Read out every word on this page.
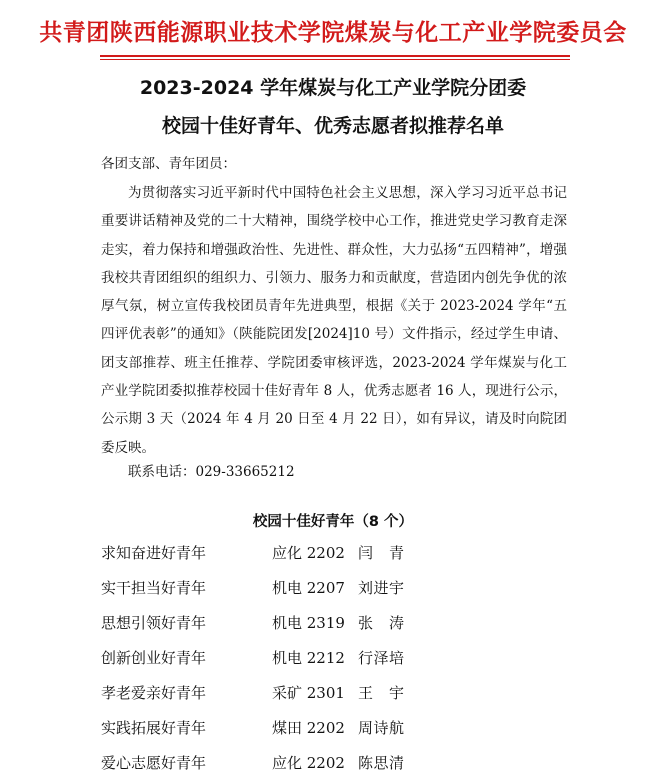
共青团陕西能源职业技术学院煤炭与化工产业学院委员会
2023-2024 学年煤炭与化工产业学院分团委
校园十佳好青年、优秀志愿者拟推荐名单
各团支部、青年团员：

为贯彻落实习近平新时代中国特色社会主义思想，深入学习习近平总书记重要讲话精神及党的二十大精神，围绕学校中心工作，推进党史学习教育走深走实，着力保持和增强政治性、先进性、群众性，大力弘扬“五四精神”，增强我校共青团组织的组织力、引领力、服务力和贡献度，营造团内创先争优的浓厚气氛，树立宣传我校团员青年先进典型，根据《关于 2023-2024 学年“五四评优表彰”的通知》（陕能院团发[2024]10 号）文件指示，经过学生申请、团支部推荐、班主任推荐、学院团委审核评选，2023-2024 学年煤炭与化工产业学院团委拟推荐校园十佳好青年 8 人，优秀志愿者 16 人，现进行公示，公示期 3 天（2024 年 4 月 20 日至 4 月 22 日），如有异议，请及时向院团委反映。

联系电话：029-33665212
校园十佳好青年（8 个）
求知奋进好青年	应化 2202 闫　青
实干担当好青年	机电 2207 刘进宇
思想引领好青年	机电 2319 张　涛
创新创业好青年	机电 2212 行泽培
孝老爱亲好青年	采矿 2301 王　宇
实践拓展好青年	煤田 2202 周诗航
爱心志愿好青年	应化 2202 陈思清
